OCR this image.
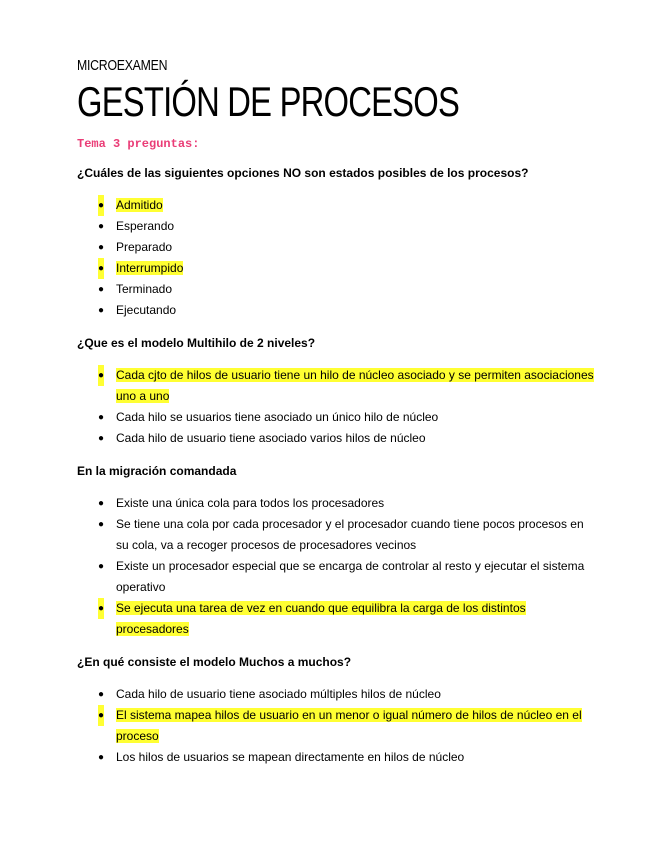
MICROEXAMEN

GESTIÓN DE PROCESOS

Tema 3 preguntas:

¿Cuáles de las siguientes opciones NO son estados posibles de los procesos?

● Admitido
● Esperando
● Preparado
● Interrumpido
● Terminado
● Ejecutando

¿Que es el modelo Multihilo de 2 niveles?

● Cada cjto de hilos de usuario tiene un hilo de núcleo asociado y se permiten asociaciones uno a uno
● Cada hilo se usuarios tiene asociado un único hilo de núcleo
● Cada hilo de usuario tiene asociado varios hilos de núcleo

En la migración comandada

● Existe una única cola para todos los procesadores
● Se tiene una cola por cada procesador y el procesador cuando tiene pocos procesos en su cola, va a recoger procesos de procesadores vecinos
● Existe un procesador especial que se encarga de controlar al resto y ejecutar el sistema operativo
● Se ejecuta una tarea de vez en cuando que equilibra la carga de los distintos procesadores

¿En qué consiste el modelo Muchos a muchos?

● Cada hilo de usuario tiene asociado múltiples hilos de núcleo
● El sistema mapea hilos de usuario en un menor o igual número de hilos de núcleo en el proceso
● Los hilos de usuarios se mapean directamente en hilos de núcleo
